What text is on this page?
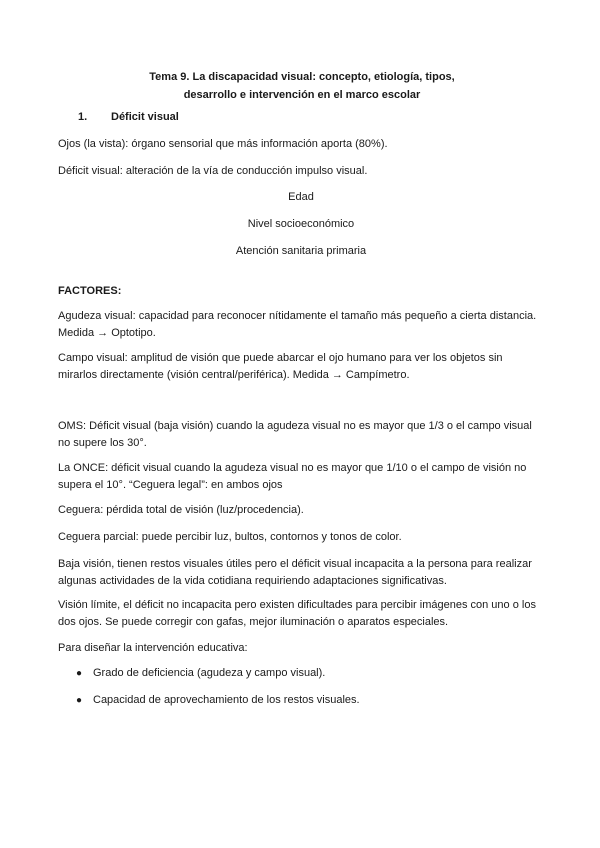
Tema 9. La discapacidad visual: concepto, etiología, tipos,
desarrollo e intervención en el marco escolar
1. Déficit visual
Ojos (la vista): órgano sensorial que más información aporta (80%).
Déficit visual: alteración de la vía de conducción impulso visual.
Edad
Nivel socioeconómico
Atención sanitaria primaria
FACTORES:
Agudeza visual: capacidad para reconocer nítidamente el tamaño más pequeño a cierta distancia.
Medida → Optotipo.
Campo visual: amplitud de visión que puede abarcar el ojo humano para ver los objetos sin
mirarlos directamente (visión central/periférica). Medida → Campímetro.
OMS: Déficit visual (baja visión) cuando la agudeza visual no es mayor que 1/3 o el campo visual
no supere los 30°.
La ONCE: déficit visual cuando la agudeza visual no es mayor que 1/10 o el campo de visión no
supera el 10°. “Ceguera legal”: en ambos ojos
Ceguera: pérdida total de visión (luz/procedencia).
Ceguera parcial: puede percibir luz, bultos, contornos y tonos de color.
Baja visión, tienen restos visuales útiles pero el déficit visual incapacita a la persona para realizar
algunas actividades de la vida cotidiana requiriendo adaptaciones significativas.
Visión límite, el déficit no incapacita pero existen dificultades para percibir imágenes con uno o los
dos ojos. Se puede corregir con gafas, mejor iluminación o aparatos especiales.
Para diseñar la intervención educativa:
● Grado de deficiencia (agudeza y campo visual).
● Capacidad de aprovechamiento de los restos visuales.
